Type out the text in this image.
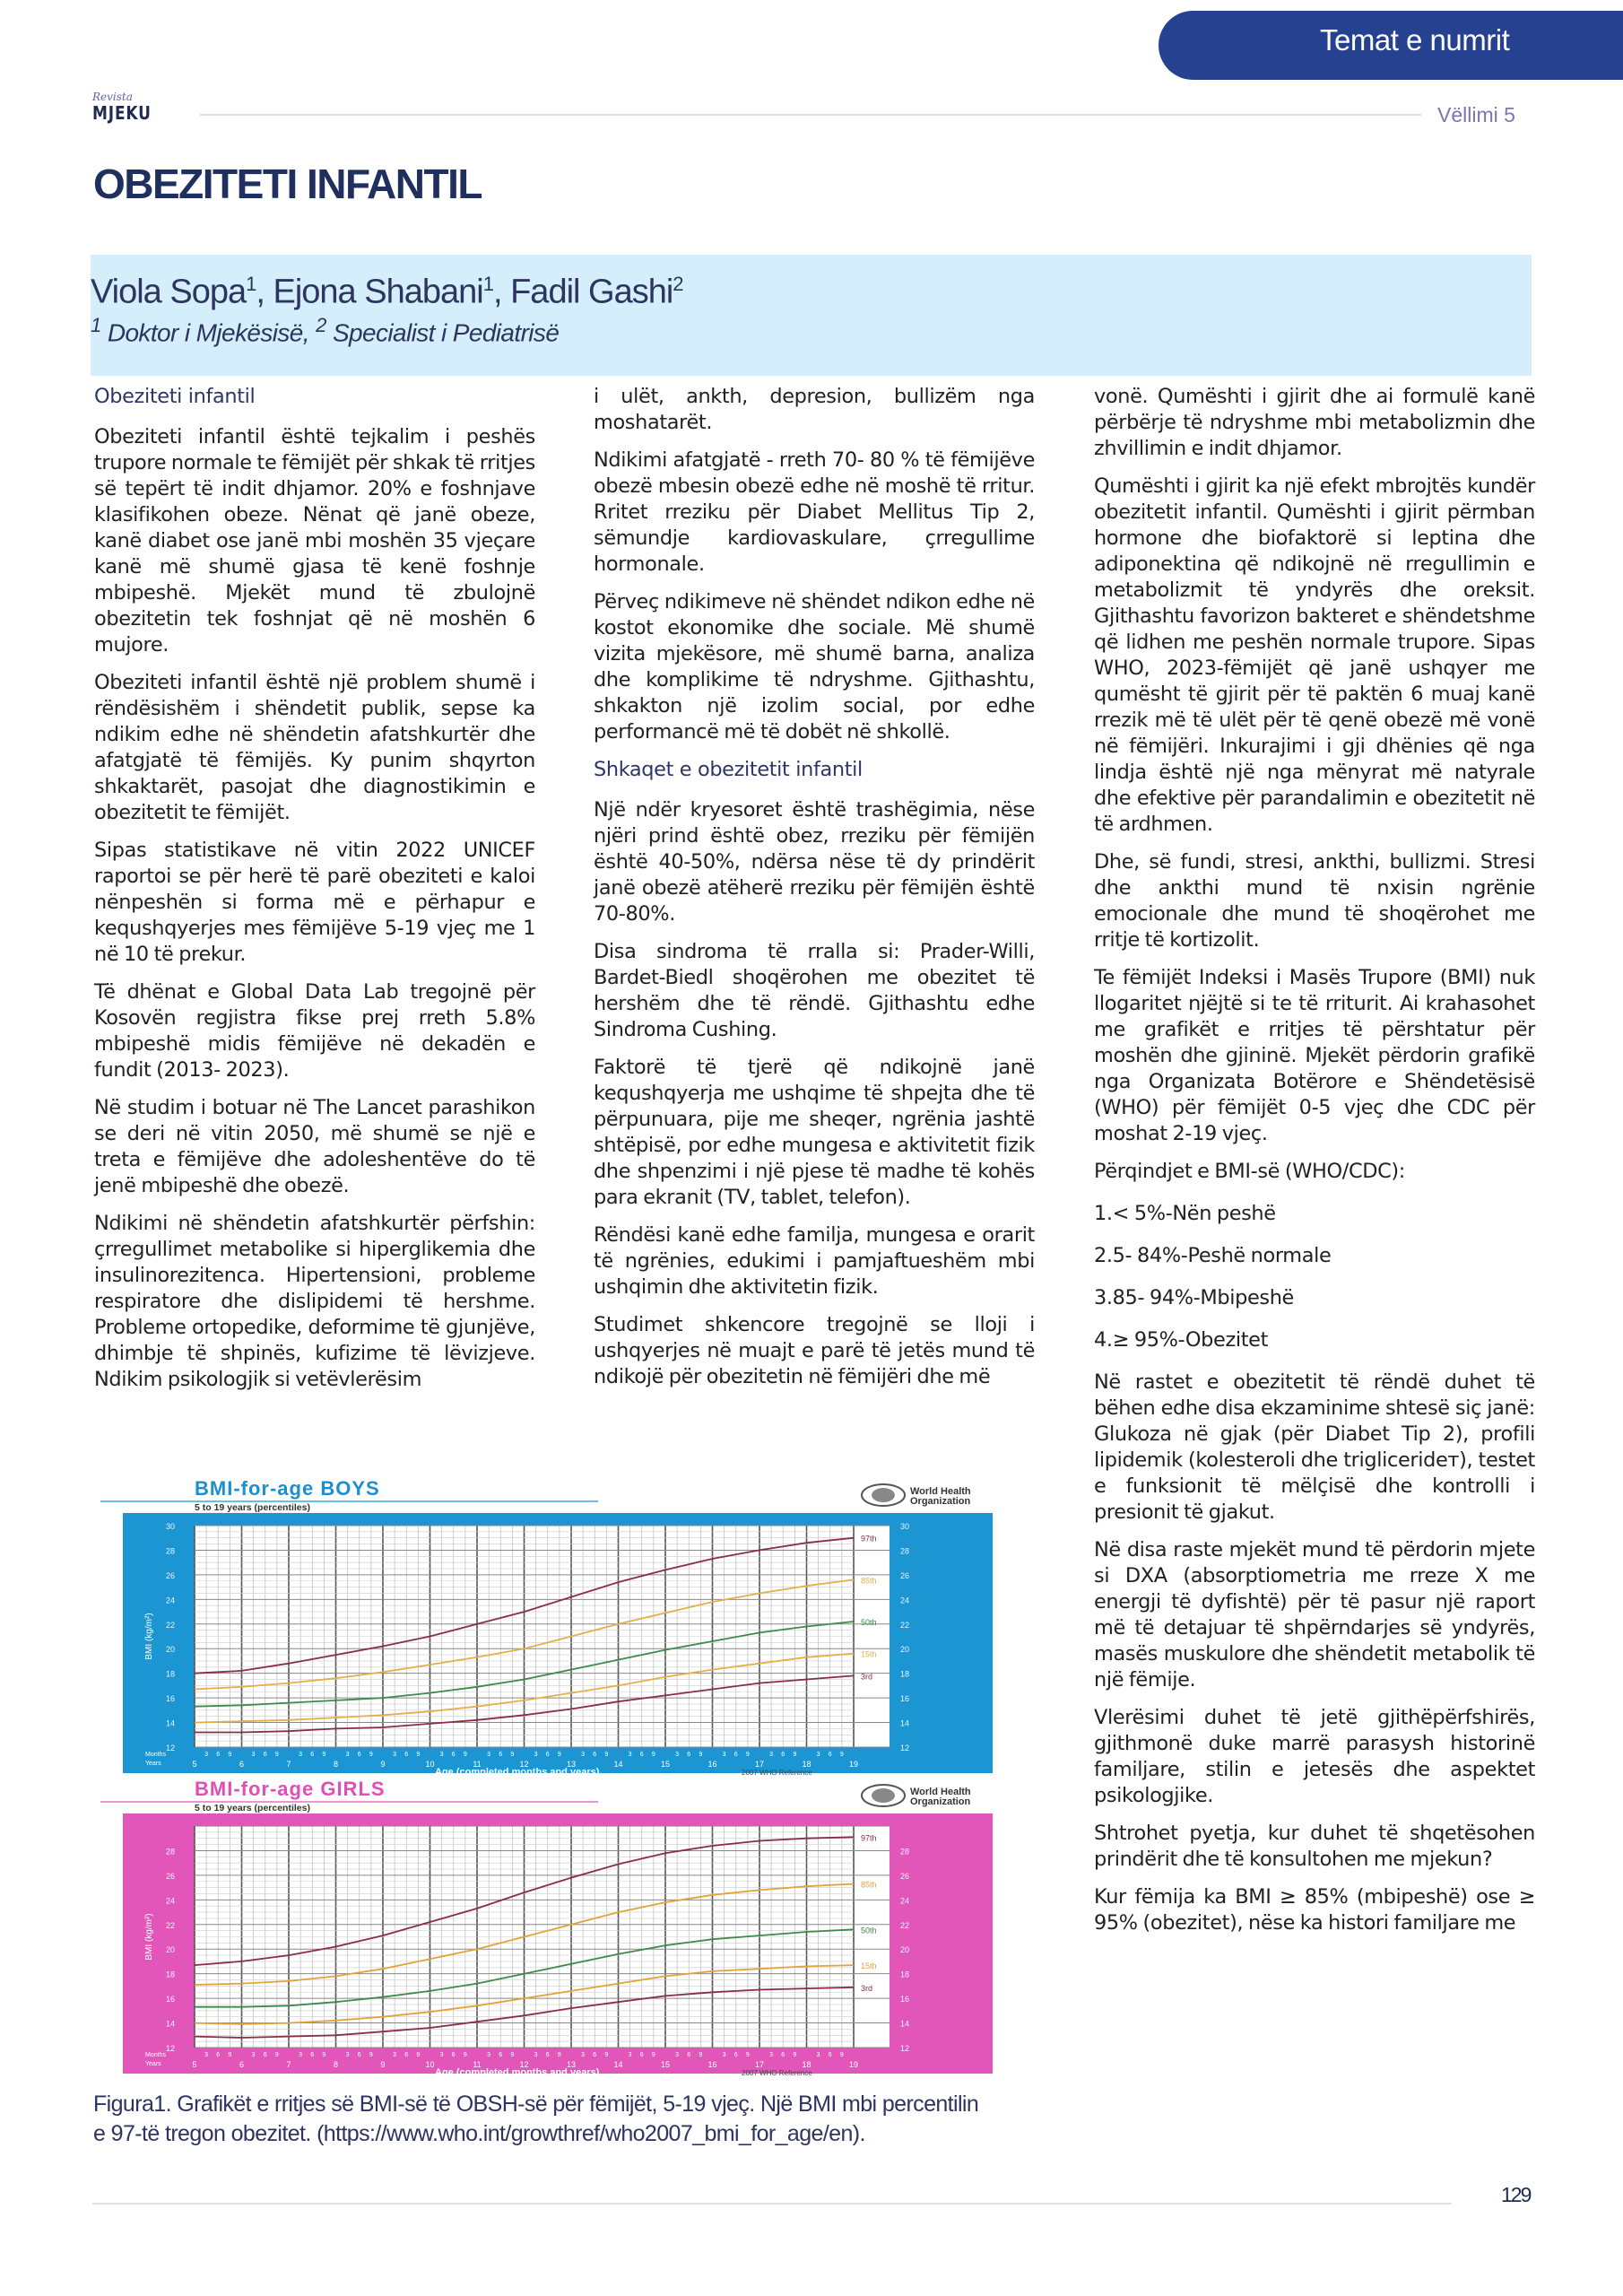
Temat e numrit
Revista
MJEKU	Vëllimi 5
OBEZITETI INFANTIL
Viola Sopa$^1$, Ejona Shabani$^1$, Fadil Gashi$^2$
$^1$ Doktor i Mjekësisë, $^2$ Specialist i Pediatrisë
Obeziteti infantil

Obeziteti infantil është tejkalim i peshës trupore normale te fëmijët për shkak të rritjes së tepërt të indit dhjamor. 20% e foshnjave klasifikohen obeze. Nënat që janë obeze, kanë diabet ose janë mbi moshën 35 vjeçare kanë më shumë gjasa të kenë foshnje mbipeshë. Mjekët mund të zbulojnë obezitetin tek foshnjat që në moshën 6 mujore.

Obeziteti infantil është një problem shumë i rëndësishëm i shëndetit publik, sepse ka ndikim edhe në shëndetin afatshkurtër dhe afatgjatë të fëmijës. Ky punim shqyrton shkaktarët, pasojat dhe diagnostikimin e obezitetit te fëmijët.

Sipas statistikave në vitin 2022 UNICEF raportoi se për herë të parë obeziteti e kaloi nënpeshën si forma më e përhapur e kequshqyerjes mes fëmijëve 5-19 vjeç me 1 në 10 të prekur.

Të dhënat e Global Data Lab tregojnë për Kosovën regjistra fikse prej rreth 5.8% mbipeshë midis fëmijëve në dekadën e fundit (2013- 2023).

Në studim i botuar në The Lancet parashikon se deri në vitin 2050, më shumë se një e treta e fëmijëve dhe adoleshentëve do të jenë mbipeshë dhe obezë.

Ndikimi në shëndetin afatshkurtër përfshin: çrregullimet metabolike si hiperglikemia dhe insulinorezitenca. Hipertensioni, probleme respiratore dhe dislipidemi të hershme. Probleme ortopedike, deformime të gjunjëve, dhimbje të shpinës, kufizime të lëvizjeve. Ndikim psikologjik si vetëvlerësim

i ulët, ankth, depresion, bullizëm nga moshatarët.

Ndikimi afatgjatë - rreth 70- 80 % të fëmijëve obezë mbesin obezë edhe në moshë të rritur. Rritet rreziku për Diabet Mellitus Tip 2, sëmundje kardiovaskulare, çrregullime hormonale.

Përveç ndikimeve në shëndet ndikon edhe në kostot ekonomike dhe sociale. Më shumë vizita mjekësore, më shumë barna, analiza dhe komplikime të ndryshme. Gjithashtu, shkakton një izolim social, por edhe performancë më të dobët në shkollë.

Shkaqet e obezitetit infantil

Një ndër kryesoret është trashëgimia, nëse njëri prind është obez, rreziku për fëmijën është 40-50%, ndërsa nëse të dy prindërit janë obezë atëherë rreziku për fëmijën është 70-80%.

Disa sindroma të rralla si: Prader-Willi, Bardet-Biedl shoqërohen me obezitet të hershëm dhe të rëndë. Gjithashtu edhe Sindroma Cushing.

Faktorë të tjerë që ndikojnë janë kequshqyerja me ushqime të shpejta dhe të përpunuara, pije me sheqer, ngrënia jashtë shtëpisë, por edhe mungesa e aktivitetit fizik dhe shpenzimi i një pjese të madhe të kohës para ekranit (TV, tablet, telefon).

Rëndësi kanë edhe familja, mungesa e orarit të ngrënies, edukimi i pamjaftueshëm mbi ushqimin dhe aktivitetin fizik.

Studimet shkencore tregojnë se lloji i ushqyerjes në muajt e parë të jetës mund të ndikojë për obezitetin në fëmijëri dhe më

vonë. Qumështi i gjirit dhe ai formulë kanë përbërje të ndryshme mbi metabolizmin dhe zhvillimin e indit dhjamor.

Qumështi i gjirit ka një efekt mbrojtës kundër obezitetit infantil. Qumështi i gjirit përmban hormone dhe biofaktorë si leptina dhe adiponektina që ndikojnë në rregullimin e metabolizmit të yndyrës dhe oreksit. Gjithashtu favorizon bakteret e shëndetshme që lidhen me peshën normale trupore. Sipas WHO, 2023-fëmijët që janë ushqyer me qumësht të gjirit për të paktën 6 muaj kanë rrezik më të ulët për të qenë obezë më vonë në fëmijëri. Inkurajimi i gji dhënies që nga lindja është një nga mënyrat më natyrale dhe efektive për parandalimin e obezitetit në të ardhmen.

Dhe, së fundi, stresi, ankthi, bullizmi. Stresi dhe ankthi mund të nxisin ngrënie emocionale dhe mund të shoqërohet me rritje të kortizolit.

Te fëmijët Indeksi i Masës Trupore (BMI) nuk llogaritet njëjtë si te të rriturit. Ai krahasohet me grafikët e rritjes të përshtatur për moshën dhe gjininë. Mjekët përdorin grafikë nga Organizata Botërore e Shëndetësisë (WHO) për fëmijët 0-5 vjeç dhe CDC për moshat 2-19 vjeç.

Përqindjet e BMI-së (WHO/CDC):

1.< 5%-Nën peshë

2.5- 84%-Peshë normale

3.85- 94%-Mbipeshë

4.≥ 95%-Obezitet

Në rastet e obezitetit të rëndë duhet të bëhen edhe disa ekzaminime shtesë siç janë: Glukoza në gjak (për Diabet Tip 2), profili lipidemik (kolesteroli dhe triglicerideт), testet e funksionit të mëlçisë dhe kontrolli i presionit të gjakut.

Në disa raste mjekët mund të përdorin mjete si DXA (absorptiometria me rreze X me energji të dyfishtë) për të pasur një raport më të detajuar të shpërndarjes së yndyrës, masës muskulore dhe shëndetit metabolik të një fëmije.

Vlerësimi duhet të jetë gjithëpërfshirës, gjithmonë duke marrë parasysh historinë familjare, stilin e jetesës dhe aspektet psikologjike.

Shtrohet pyetja, kur duhet të shqetësohen prindërit dhe të konsultohen me mjekun?

Kur fëmija ka BMI ≥ 85% (mbipeshë) ose ≥ 95% (obezitet), nëse ka histori familjare me

BMI-for-age BOYS
5 to 19 years (percentiles)
World Health
Organization
12	12
14	14
16	16
18	18
20	20
22	22
24	24
26	26
28	28
30	30
BMI (kg/m²)
5
3 6 9
6
3 6 9
7
3 6 9
8
3 6 9
9
3 6 9
10
3 6 9
11
3 6 9
12
3 6 9
13
3 6 9
14
3 6 9
15
3 6 9
16
3 6 9
17
3 6 9
18
3 6 9
19
Months
Years
Age (completed months and years)
97th
85th
50th
15th
3rd
2007 WHO Reference
BMI-for-age GIRLS
5 to 19 years (percentiles)
World Health
Organization
12	12
14	14
16	16
18	18
20	20
22	22
24	24
26	26
28	28
BMI (kg/m²)
5
3 6 9
6
3 6 9
7
3 6 9
8
3 6 9
9
3 6 9
10
3 6 9
11
3 6 9
12
3 6 9
13
3 6 9
14
3 6 9
15
3 6 9
16
3 6 9
17
3 6 9
18
3 6 9
19
Months
Years
Age (completed months and years)
97th
85th
50th
15th
3rd
2007 WHO Reference
Figura1. Grafikët e rritjes së BMI-së të OBSH-së për fëmijët, 5-19 vjeç. Një BMI mbi percentilin
e 97-të tregon obezitet. (https://www.who.int/growthref/who2007_bmi_for_age/en).
129
